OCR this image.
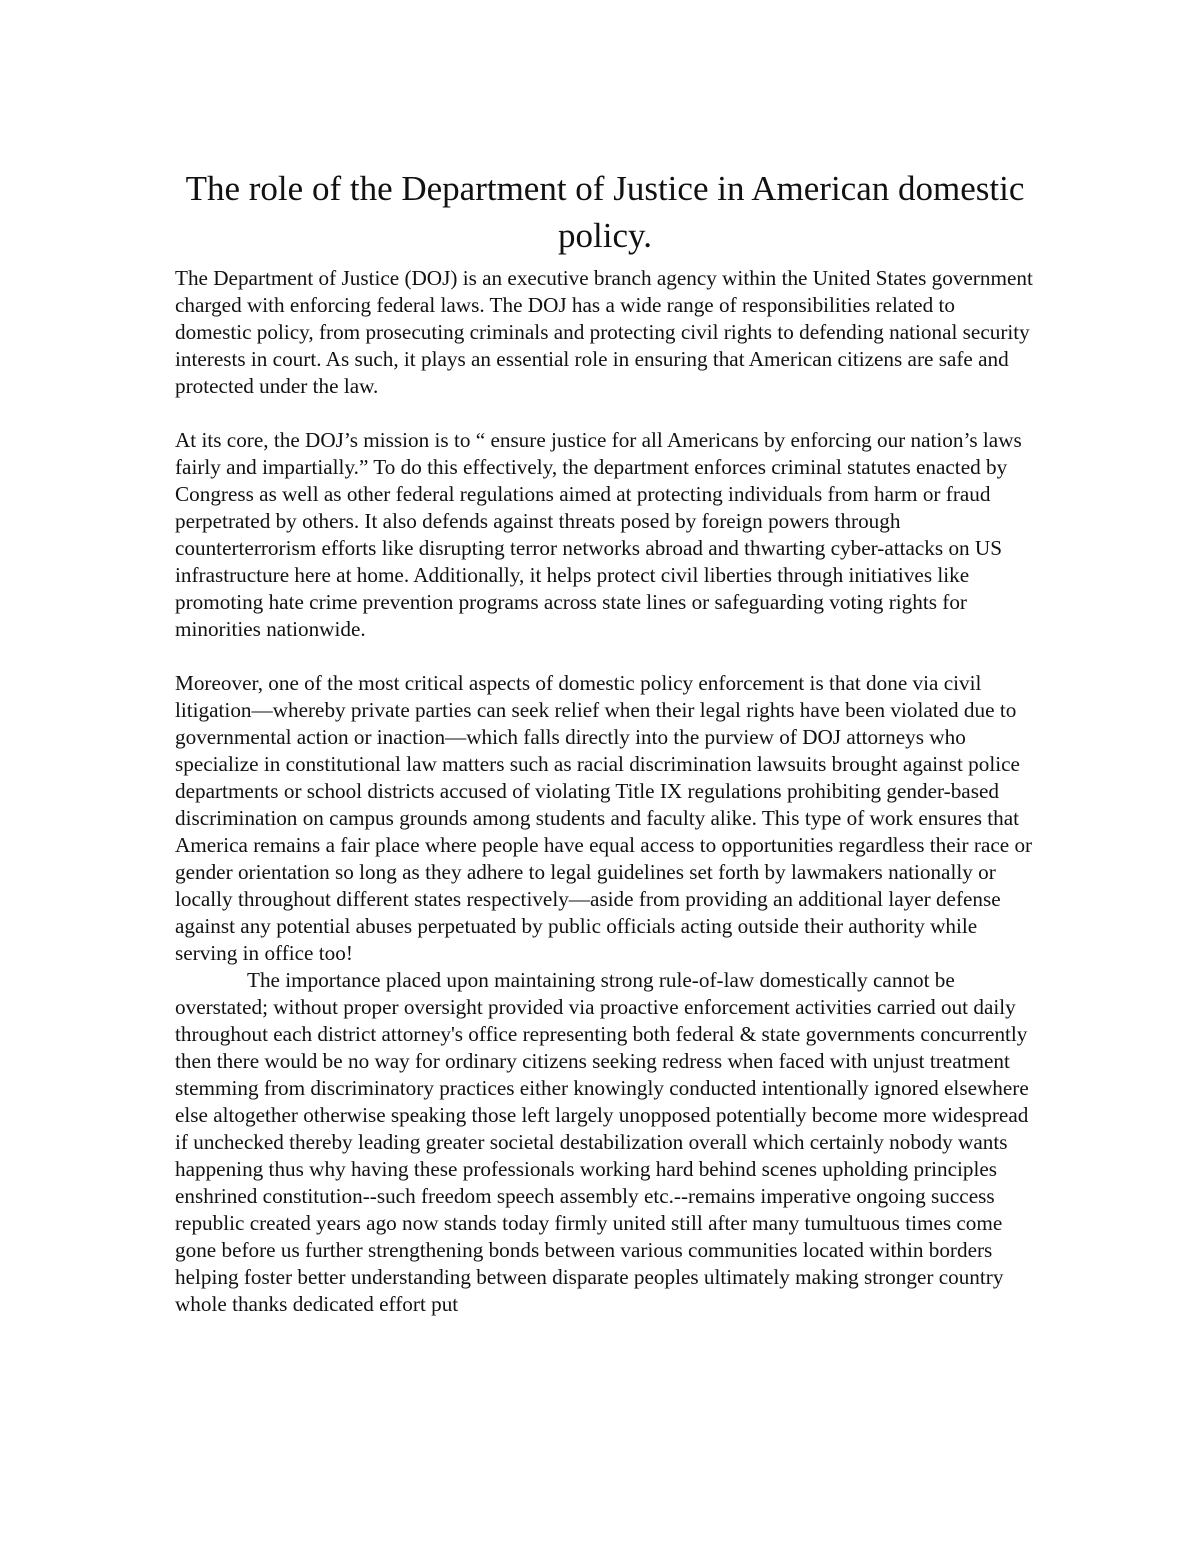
The role of the Department of Justice in American domestic policy.

The Department of Justice (DOJ) is an executive branch agency within the United States government charged with enforcing federal laws. The DOJ has a wide range of responsibilities related to domestic policy, from prosecuting criminals and protecting civil rights to defending national security interests in court. As such, it plays an essential role in ensuring that American citizens are safe and protected under the law.

At its core, the DOJ’s mission is to “ ensure justice for all Americans by enforcing our nation’s laws fairly and impartially.” To do this effectively, the department enforces criminal statutes enacted by Congress as well as other federal regulations aimed at protecting individuals from harm or fraud perpetrated by others. It also defends against threats posed by foreign powers through counterterrorism efforts like disrupting terror networks abroad and thwarting cyber-attacks on US infrastructure here at home. Additionally, it helps protect civil liberties through initiatives like promoting hate crime prevention programs across state lines or safeguarding voting rights for minorities nationwide.

Moreover, one of the most critical aspects of domestic policy enforcement is that done via civil litigation—whereby private parties can seek relief when their legal rights have been violated due to governmental action or inaction—which falls directly into the purview of DOJ attorneys who specialize in constitutional law matters such as racial discrimination lawsuits brought against police departments or school districts accused of violating Title IX regulations prohibiting gender-based discrimination on campus grounds among students and faculty alike. This type of work ensures that America remains a fair place where people have equal access to opportunities regardless their race or gender orientation so long as they adhere to legal guidelines set forth by lawmakers nationally or locally throughout different states respectively—aside from providing an additional layer defense against any potential abuses perpetuated by public officials acting outside their authority while serving in office too!

The importance placed upon maintaining strong rule-of-law domestically cannot be overstated; without proper oversight provided via proactive enforcement activities carried out daily throughout each district attorney's office representing both federal & state governments concurrently then there would be no way for ordinary citizens seeking redress when faced with unjust treatment stemming from discriminatory practices either knowingly conducted intentionally ignored elsewhere else altogether otherwise speaking those left largely unopposed potentially become more widespread if unchecked thereby leading greater societal destabilization overall which certainly nobody wants happening thus why having these professionals working hard behind scenes upholding principles enshrined constitution--such freedom speech assembly etc.--remains imperative ongoing success republic created years ago now stands today firmly united still after many tumultuous times come gone before us further strengthening bonds between various communities located within borders helping foster better understanding between disparate peoples ultimately making stronger country whole thanks dedicated effort put
